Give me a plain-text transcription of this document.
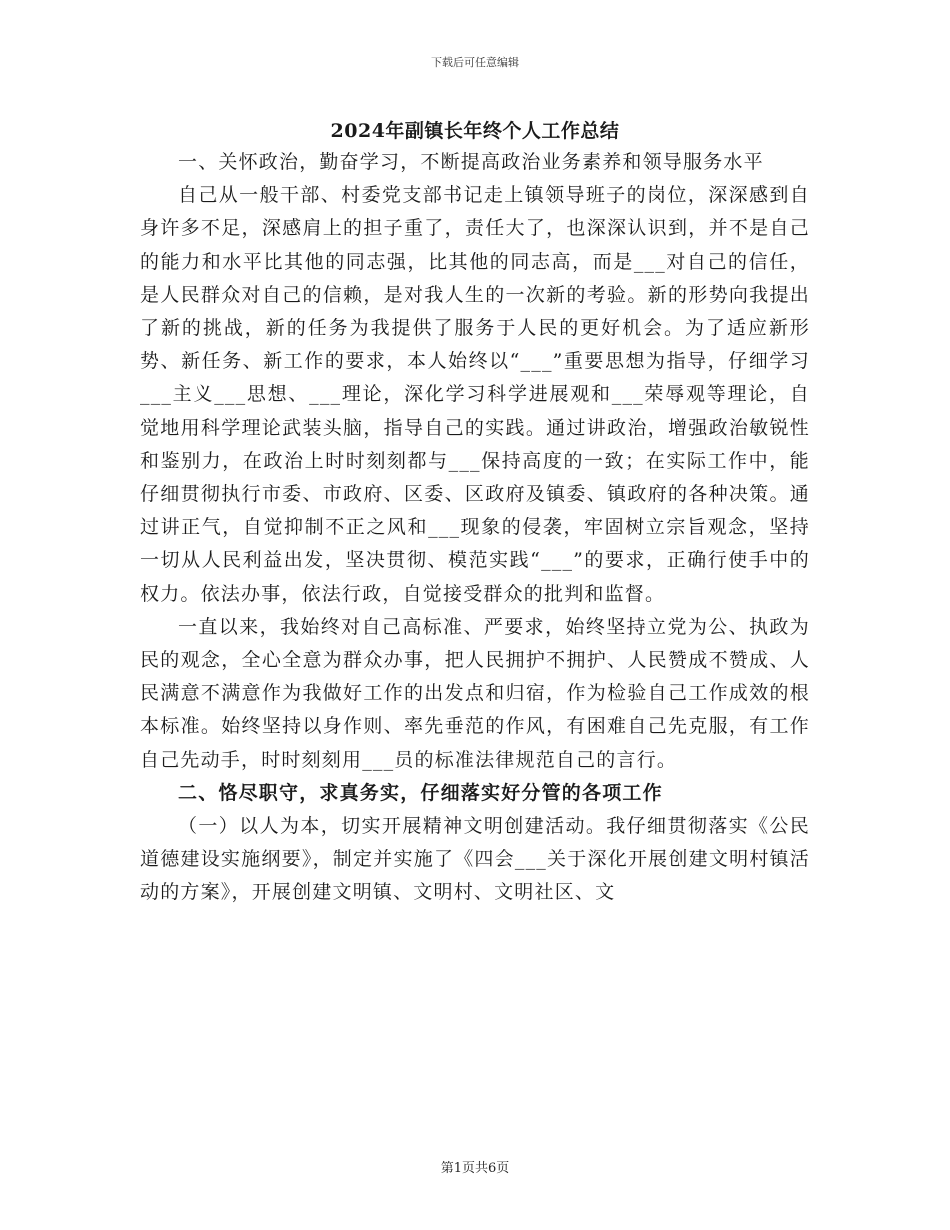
下载后可任意编辑
2024年副镇长年终个人工作总结

一、关怀政治，勤奋学习，不断提高政治业务素养和领导服务水平

自己从一般干部、村委党支部书记走上镇领导班子的岗位，深深感到自身许多不足，深感肩上的担子重了，责任大了，也深深认识到，并不是自己的能力和水平比其他的同志强，比其他的同志高，而是___对自己的信任，是人民群众对自己的信赖，是对我人生的一次新的考验。新的形势向我提出了新的挑战，新的任务为我提供了服务于人民的更好机会。为了适应新形势、新任务、新工作的要求，本人始终以“___”重要思想为指导，仔细学习___主义___思想、___理论，深化学习科学进展观和___荣辱观等理论，自觉地用科学理论武装头脑，指导自己的实践。通过讲政治，增强政治敏锐性和鉴别力，在政治上时时刻刻都与___保持高度的一致；在实际工作中，能仔细贯彻执行市委、市政府、区委、区政府及镇委、镇政府的各种决策。通过讲正气，自觉抑制不正之风和___现象的侵袭，牢固树立宗旨观念，坚持一切从人民利益出发，坚决贯彻、模范实践“___”的要求，正确行使手中的权力。依法办事，依法行政，自觉接受群众的批判和监督。

一直以来，我始终对自己高标准、严要求，始终坚持立党为公、执政为民的观念，全心全意为群众办事，把人民拥护不拥护、人民赞成不赞成、人民满意不满意作为我做好工作的出发点和归宿，作为检验自己工作成效的根本标准。始终坚持以身作则、率先垂范的作风，有困难自己先克服，有工作自己先动手，时时刻刻用___员的标准法律规范自己的言行。

二、恪尽职守，求真务实，仔细落实好分管的各项工作

（一）以人为本，切实开展精神文明创建活动。我仔细贯彻落实《公民道德建设实施纲要》，制定并实施了《四会___关于深化开展创建文明村镇活动的方案》，开展创建文明镇、文明村、文明社区、文

第1页共6页
